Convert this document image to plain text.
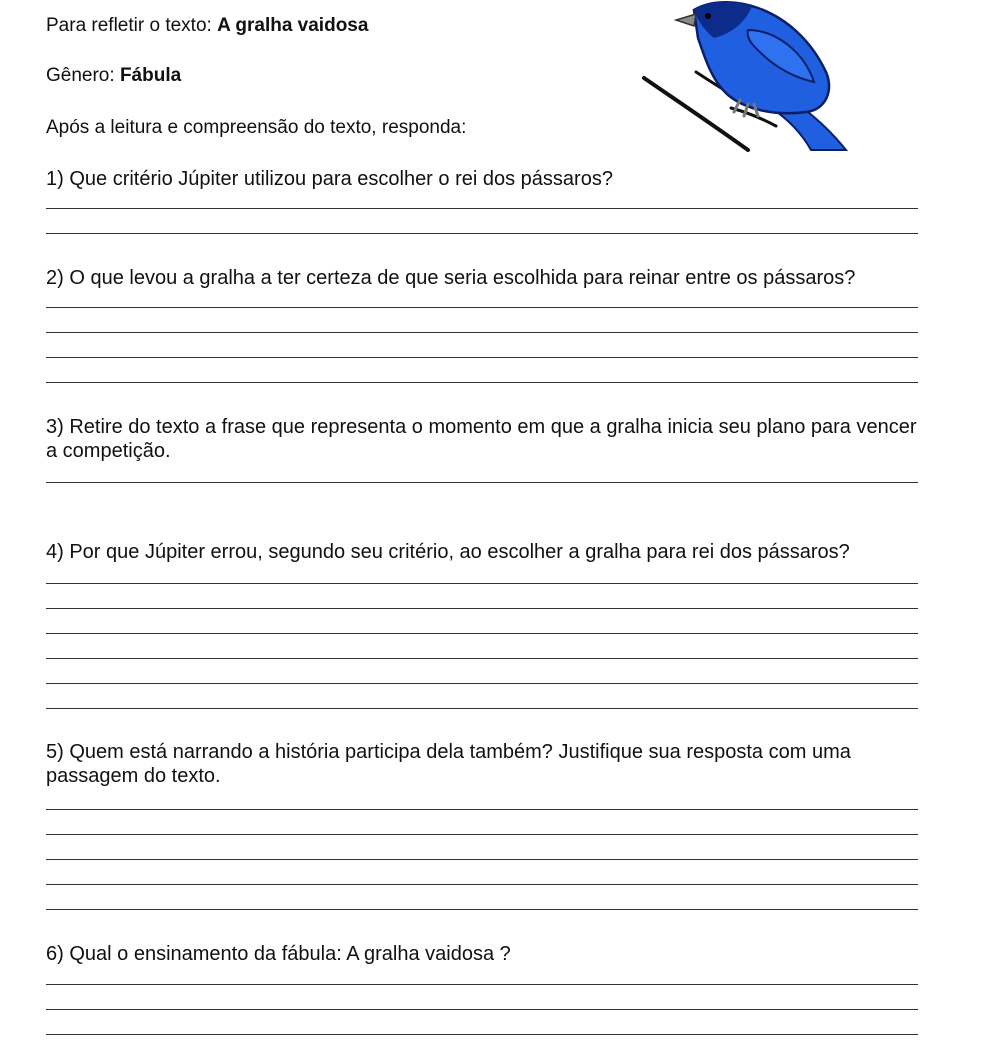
Para refletir o texto: A gralha vaidosa
Gênero: Fábula
Após a leitura e compreensão do texto, responda:
1) Que critério Júpiter utilizou para escolher o rei dos pássaros?
2) O que levou a gralha a ter certeza de que seria escolhida para reinar entre os pássaros?
3) Retire do texto a frase que representa o momento em que a gralha inicia seu plano para vencer a competição.
4) Por que Júpiter errou, segundo seu critério, ao escolher a gralha para rei dos pássaros?
5) Quem está narrando a história participa dela também? Justifique sua resposta com uma passagem do texto.
6) Qual o ensinamento da fábula: A gralha vaidosa ?
